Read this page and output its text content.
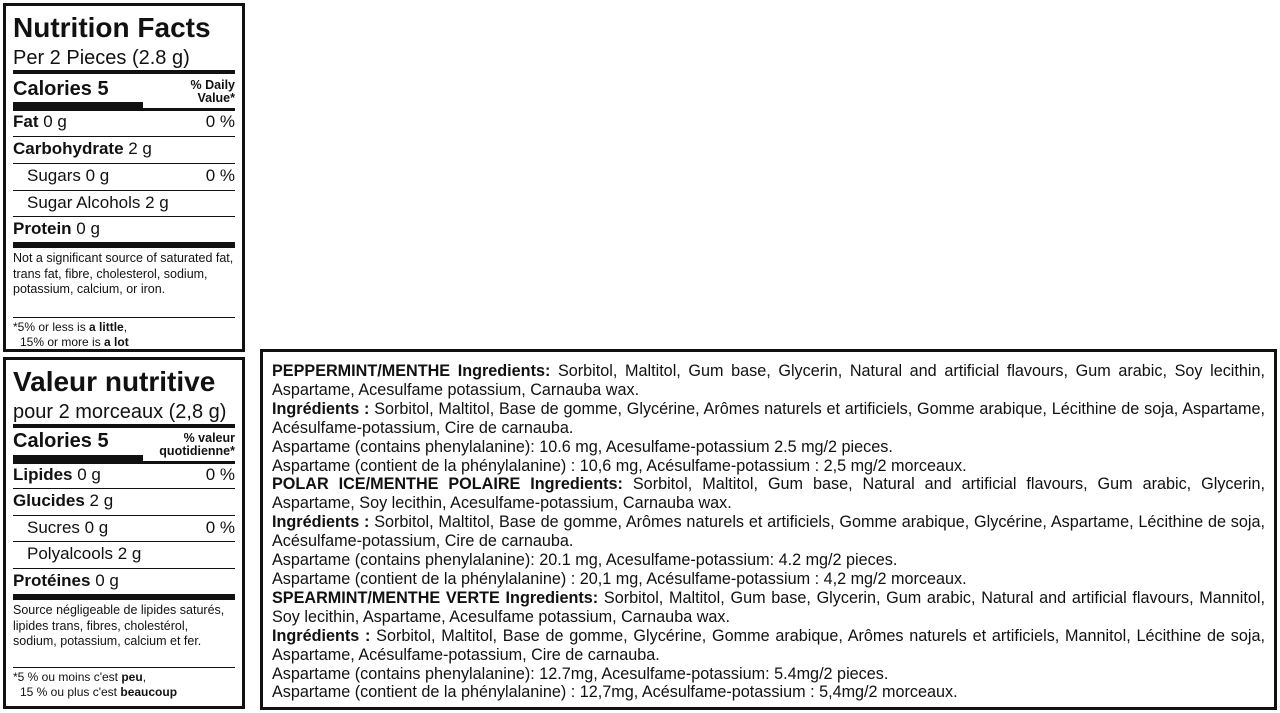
Nutrition Facts
Per 2 Pieces (2.8 g)
Calories 5	% Daily
Value*
Fat 0 g	0 %
Carbohydrate 2 g
Sugars 0 g	0 %
Sugar Alcohols 2 g
Protein 0 g
Not a significant source of saturated fat, trans fat, fibre, cholesterol, sodium, potassium, calcium, or iron.
*5% or less is a little,
15% or more is a lot
Valeur nutritive
pour 2 morceaux (2,8 g)
Calories 5	% valeur
quotidienne*
Lipides 0 g	0 %
Glucides 2 g
Sucres 0 g	0 %
Polyalcools 2 g
Protéines 0 g
Source négligeable de lipides saturés, lipides trans, fibres, cholestérol, sodium, potassium, calcium et fer.
*5 % ou moins c'est peu,
15 % ou plus c'est beaucoup

PEPPERMINT/MENTHE Ingredients: Sorbitol, Maltitol, Gum base, Glycerin, Natural and artificial flavours, Gum arabic, Soy lecithin, Aspartame, Acesulfame potassium, Carnauba wax.

Ingrédients : Sorbitol, Maltitol, Base de gomme, Glycérine, Arômes naturels et artificiels, Gomme arabique, Lécithine de soja, Aspartame, Acésulfame-potassium, Cire de carnauba.

Aspartame (contains phenylalanine): 10.6 mg, Acesulfame-potassium 2.5 mg/2 pieces.

Aspartame (contient de la phénylalanine) : 10,6 mg, Acésulfame-potassium : 2,5 mg/2 morceaux.

POLAR ICE/MENTHE POLAIRE Ingredients: Sorbitol, Maltitol, Gum base, Natural and artificial flavours, Gum arabic, Glycerin, Aspartame, Soy lecithin, Acesulfame-potassium, Carnauba wax.

Ingrédients : Sorbitol, Maltitol, Base de gomme, Arômes naturels et artificiels, Gomme arabique, Glycérine, Aspartame, Lécithine de soja, Acésulfame-potassium, Cire de carnauba.

Aspartame (contains phenylalanine): 20.1 mg, Acesulfame-potassium: 4.2 mg/2 pieces.

Aspartame (contient de la phénylalanine) : 20,1 mg, Acésulfame-potassium : 4,2 mg/2 morceaux.

SPEARMINT/MENTHE VERTE Ingredients: Sorbitol, Maltitol, Gum base, Glycerin, Gum arabic, Natural and artificial flavours, Mannitol, Soy lecithin, Aspartame, Acesulfame potassium, Carnauba wax.

Ingrédients : Sorbitol, Maltitol, Base de gomme, Glycérine, Gomme arabique, Arômes naturels et artificiels, Mannitol, Lécithine de soja, Aspartame, Acésulfame-potassium, Cire de carnauba.

Aspartame (contains phenylalanine): 12.7mg, Acesulfame-potassium: 5.4mg/2 pieces.

Aspartame (contient de la phénylalanine) : 12,7mg, Acésulfame-potassium : 5,4mg/2 morceaux.
